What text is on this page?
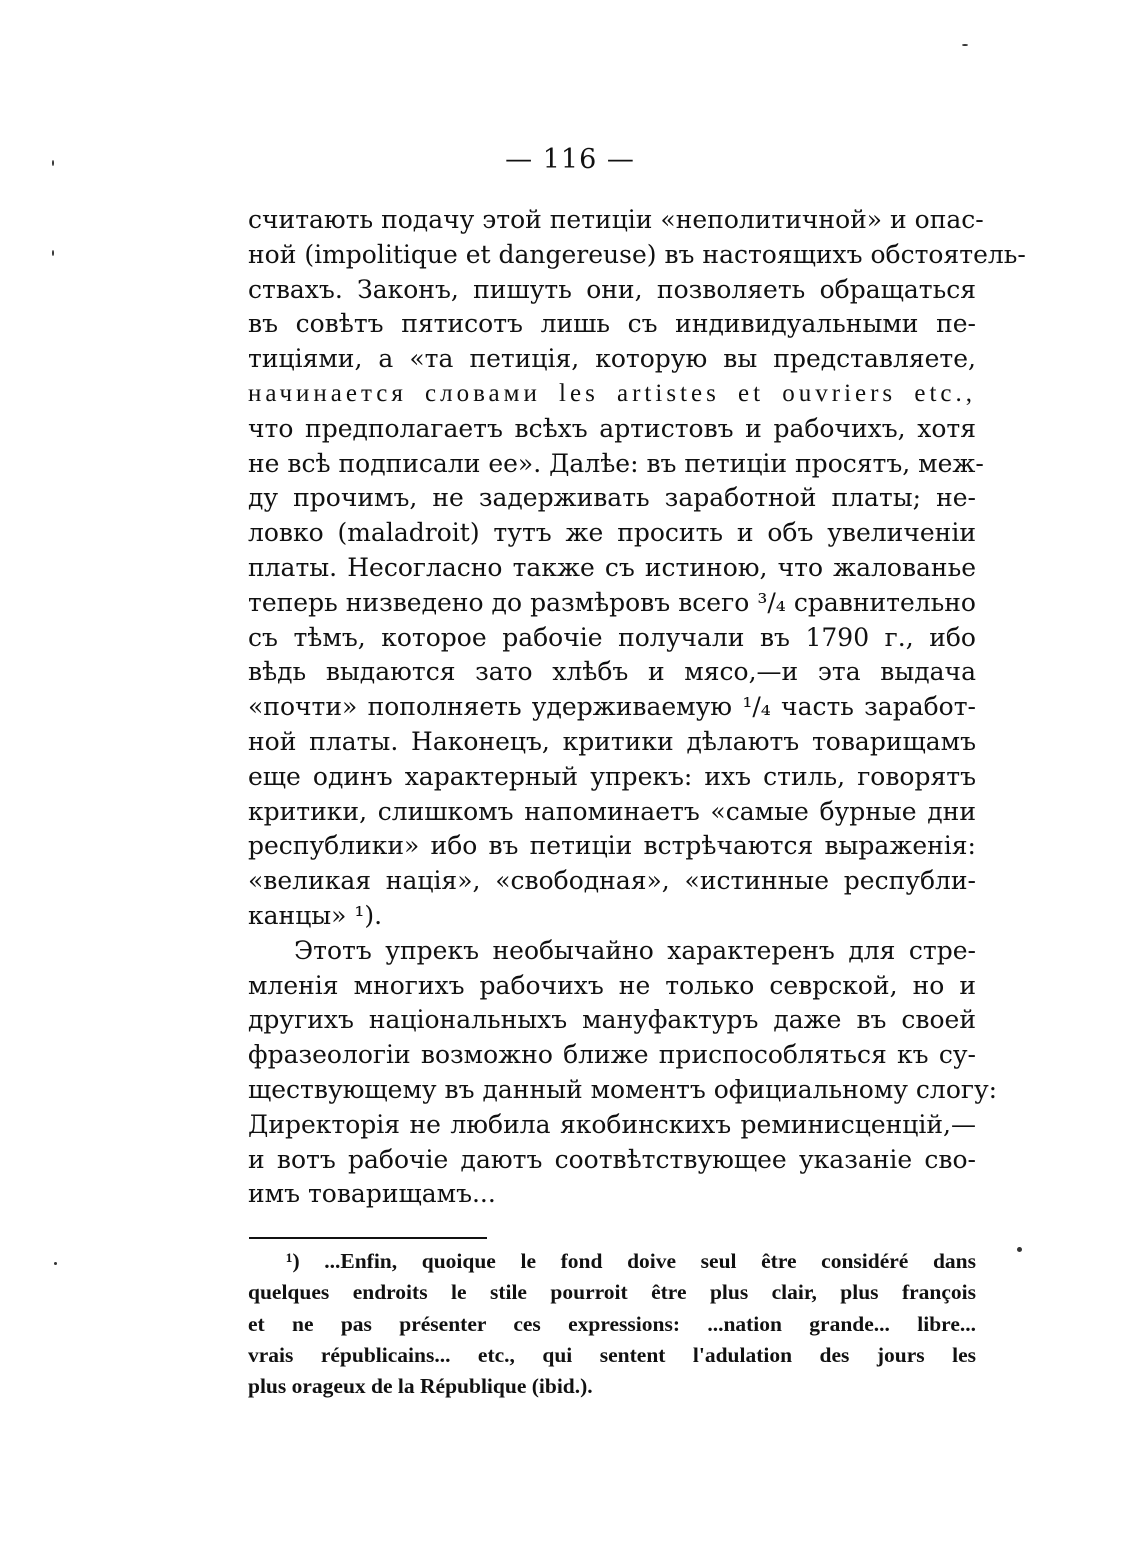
— 116 —
считають подачу этой петиціи «неполитичной» и опас-
ной (impolitique et dangereuse) въ настоящихъ обстоятель-
ствахъ. Законъ, пишуть они, позволяеть обращаться
въ совѣтъ пятисотъ лишь съ индивидуальными пе-
тиціями, а «та петиція, которую вы представляете,
начинается словами les artistes et ouvriers etc.,
что предполагаетъ всѣхъ артистовъ и рабочихъ, хотя
не всѣ подписали ее». Далѣе: въ петиціи просятъ, меж-
ду прочимъ, не задерживать заработной платы; не-
ловко (maladroit) тутъ же просить и объ увеличеніи
платы. Несогласно также съ истиною, что жалованье
теперь низведено до размѣровъ всего ³/₄ сравнительно
съ тѣмъ, которое рабочіе получали въ 1790 г., ибо
вѣдь выдаются зато хлѣбъ и мясо,—и эта выдача
«почти» пополняеть удерживаемую ¹/₄ часть заработ-
ной платы. Наконецъ, критики дѣлаютъ товарищамъ
еще одинъ характерный упрекъ: ихъ стиль, говорятъ
критики, слишкомъ напоминаетъ «самые бурные дни
республики» ибо въ петиціи встрѣчаются выраженія:
«великая нація», «свободная», «истинные республи-
канцы» ¹).
Этотъ упрекъ необычайно характеренъ для стре-
мленія многихъ рабочихъ не только севрской, но и
другихъ національныхъ мануфактуръ даже въ своей
фразеологіи возможно ближе приспособляться къ су-
ществующему въ данный моментъ официальному слогу:
Директорія не любила якобинскихъ реминисценцій,—
и вотъ рабочіе даютъ соотвѣтствующее указаніе сво-
имъ товарищамъ...
¹) ...Enfin, quoique le fond doive seul être considéré dans
quelques endroits le stile pourroit être plus clair, plus françois
et ne pas présenter ces expressions: ...nation grande... libre...
vrais républicains... etc., qui sentent l'adulation des jours les
plus orageux de la République (ibid.).
